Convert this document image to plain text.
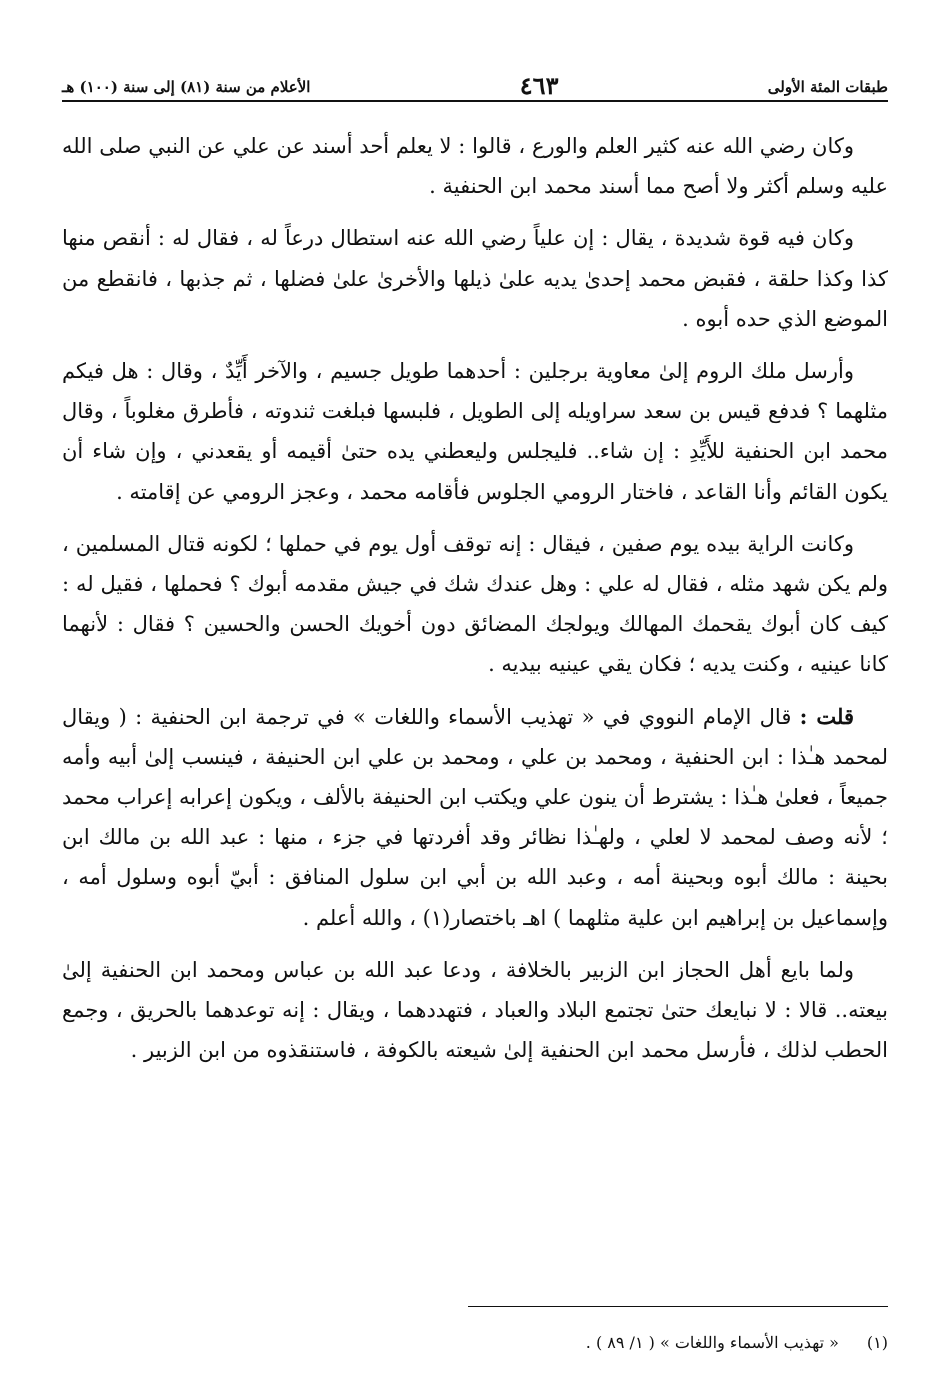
طبقات المئة الأولى
٤٦٣
الأعلام من سنة (٨١) إلى سنة (١٠٠) هـ

وكان رضي الله عنه كثير العلم والورع ، قالوا : لا يعلم أحد أسند عن علي عن النبي صلى الله عليه وسلم أكثر ولا أصح مما أسند محمد ابن الحنفية .

وكان فيه قوة شديدة ، يقال : إن علياً رضي الله عنه استطال درعاً له ، فقال له : أنقص منها كذا وكذا حلقة ، فقبض محمد إحدىٰ يديه علىٰ ذيلها والأخرىٰ علىٰ فضلها ، ثم جذبها ، فانقطع من الموضع الذي حده أبوه .

وأرسل ملك الروم إلىٰ معاوية برجلين : أحدهما طويل جسيم ، والآخر أَيِّدٌ ، وقال : هل فيكم مثلهما ؟ فدفع قيس بن سعد سراويله إلى الطويل ، فلبسها فبلغت ثندوته ، فأطرق مغلوباً ، وقال محمد ابن الحنفية للأَيِّدِ : إن شاء.. فليجلس وليعطني يده حتىٰ أقيمه أو يقعدني ، وإن شاء أن يكون القائم وأنا القاعد ، فاختار الرومي الجلوس فأقامه محمد ، وعجز الرومي عن إقامته .

وكانت الراية بيده يوم صفين ، فيقال : إنه توقف أول يوم في حملها ؛ لكونه قتال المسلمين ، ولم يكن شهد مثله ، فقال له علي : وهل عندك شك في جيش مقدمه أبوك ؟ فحملها ، فقيل له : كيف كان أبوك يقحمك المهالك ويولجك المضائق دون أخويك الحسن والحسين ؟ فقال : لأنهما كانا عينيه ، وكنت يديه ؛ فكان يقي عينيه بيديه .

قلت : قال الإمام النووي في « تهذيب الأسماء واللغات » في ترجمة ابن الحنفية : ( ويقال لمحمد هـٰذا : ابن الحنفية ، ومحمد بن علي ، ومحمد بن علي ابن الحنيفة ، فينسب إلىٰ أبيه وأمه جميعاً ، فعلىٰ هـٰذا : يشترط أن ينون علي ويكتب ابن الحنيفة بالألف ، ويكون إعرابه إعراب محمد ؛ لأنه وصف لمحمد لا لعلي ، ولهـٰذا نظائر وقد أفردتها في جزء ، منها : عبد الله بن مالك ابن بحينة : مالك أبوه وبحينة أمه ، وعبد الله بن أبي ابن سلول المنافق : أبيّ أبوه وسلول أمه ، وإسماعيل بن إبراهيم ابن علية مثلهما ) اهـ باختصار(١) ، والله أعلم .

ولما بايع أهل الحجاز ابن الزبير بالخلافة ، ودعا عبد الله بن عباس ومحمد ابن الحنفية إلىٰ بيعته.. قالا : لا نبايعك حتىٰ تجتمع البلاد والعباد ، فتهددهما ، ويقال : إنه توعدهما بالحريق ، وجمع الحطب لذلك ، فأرسل محمد ابن الحنفية إلىٰ شيعته بالكوفة ، فاستنقذوه من ابن الزبير .

(١)« تهذيب الأسماء واللغات » ( ١/ ٨٩ ) .
